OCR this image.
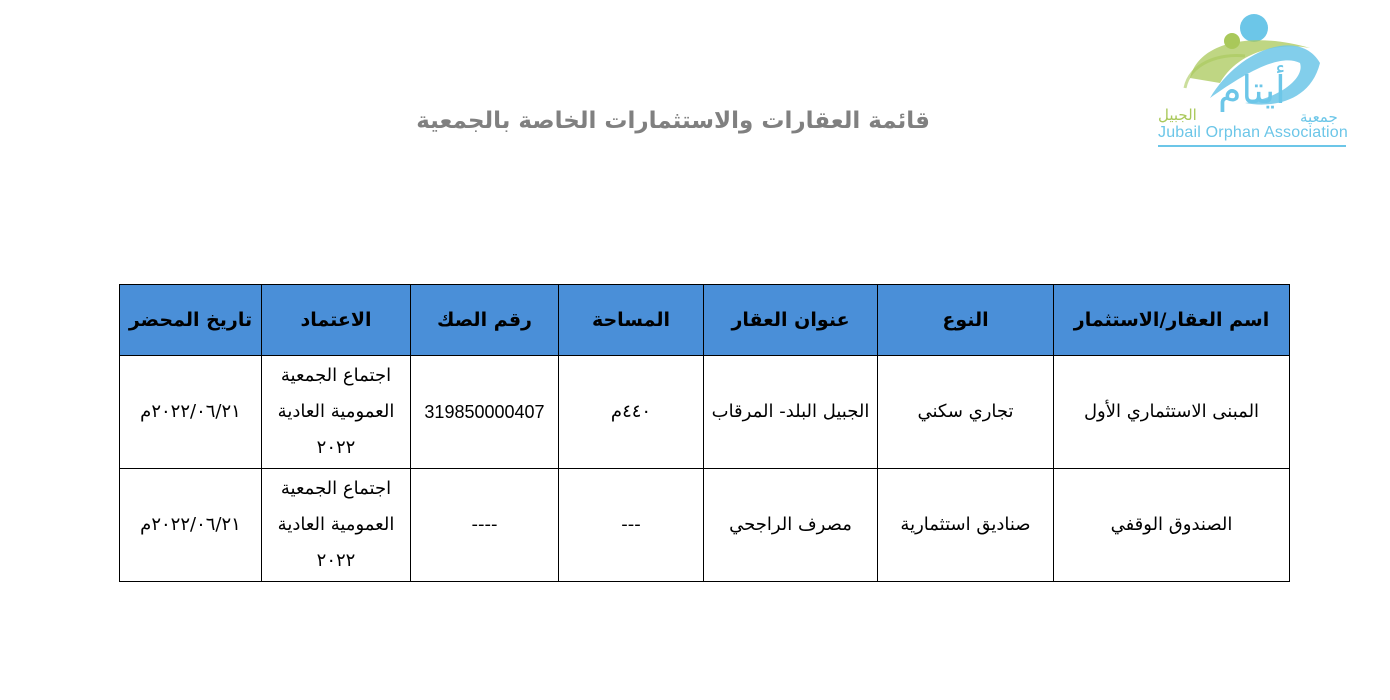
أيتام
الجبيل	جمعية
Jubail Orphan Association
قائمة العقارات والاستثمارات الخاصة بالجمعية
اسم العقار/الاستثمار	النوع	عنوان العقار	المساحة	رقم الصك	الاعتماد	تاريخ المحضر
المبنى الاستثماري الأول	تجاري سكني	الجبيل البلد- المرقاب	٤٤٠م	319850000407	اجتماع الجمعية العمومية العادية ٢٠٢٢	٢٠٢٢/٠٦/٢١م
الصندوق الوقفي	صناديق استثمارية	مصرف الراجحي	---	----	اجتماع الجمعية العمومية العادية ٢٠٢٢	٢٠٢٢/٠٦/٢١م
